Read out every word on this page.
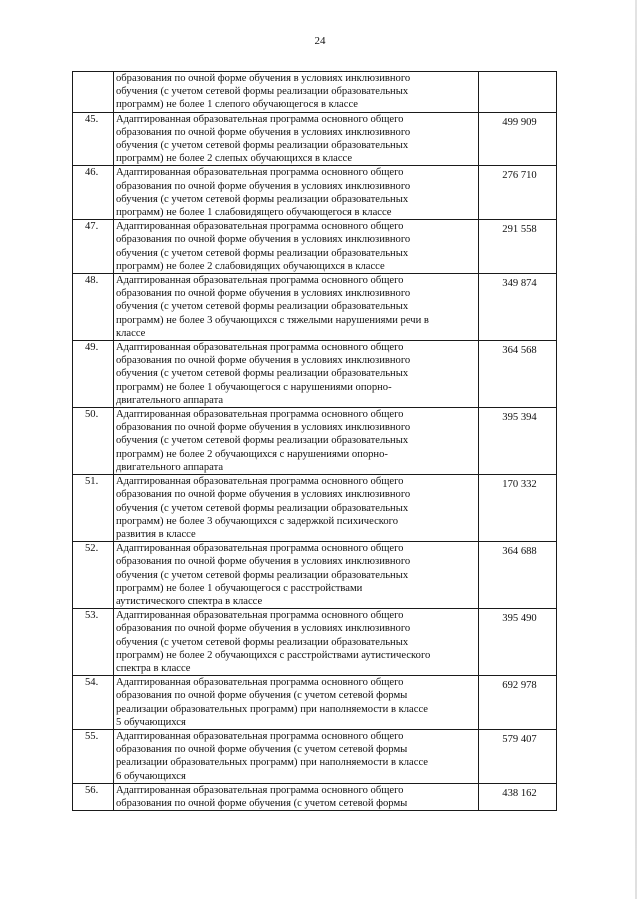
24

	образования по очной форме обучения в условиях инклюзивного
обучения (с учетом сетевой формы реализации образовательных
программ) не более 1 слепого обучающегося в классе	

45.	Адаптированная образовательная программа основного общего
образования по очной форме обучения в условиях инклюзивного
обучения (с учетом сетевой формы реализации образовательных
программ) не более 2 слепых обучающихся в классе	499 909
46.	Адаптированная образовательная программа основного общего
образования по очной форме обучения в условиях инклюзивного
обучения (с учетом сетевой формы реализации образовательных
программ) не более 1 слабовидящего обучающегося в классе	276 710
47.	Адаптированная образовательная программа основного общего
образования по очной форме обучения в условиях инклюзивного
обучения (с учетом сетевой формы реализации образовательных
программ) не более 2 слабовидящих обучающихся в классе	291 558
48.	Адаптированная образовательная программа основного общего
образования по очной форме обучения в условиях инклюзивного
обучения (с учетом сетевой формы реализации образовательных
программ) не более 3 обучающихся с тяжелыми нарушениями речи в
классе	349 874
49.	Адаптированная образовательная программа основного общего
образования по очной форме обучения в условиях инклюзивного
обучения (с учетом сетевой формы реализации образовательных
программ) не более 1 обучающегося с нарушениями опорно-
двигательного аппарата	364 568
50.	Адаптированная образовательная программа основного общего
образования по очной форме обучения в условиях инклюзивного
обучения (с учетом сетевой формы реализации образовательных
программ) не более 2 обучающихся с нарушениями опорно-
двигательного аппарата	395 394
51.	Адаптированная образовательная программа основного общего
образования по очной форме обучения в условиях инклюзивного
обучения (с учетом сетевой формы реализации образовательных
программ) не более 3 обучающихся с задержкой психического
развития в классе	170 332
52.	Адаптированная образовательная программа основного общего
образования по очной форме обучения в условиях инклюзивного
обучения (с учетом сетевой формы реализации образовательных
программ) не более 1 обучающегося с расстройствами
аутистического спектра в классе	364 688
53.	Адаптированная образовательная программа основного общего
образования по очной форме обучения в условиях инклюзивного
обучения (с учетом сетевой формы реализации образовательных
программ) не более 2 обучающихся с расстройствами аутистического
спектра в классе	395 490
54.	Адаптированная образовательная программа основного общего
образования по очной форме обучения (с учетом сетевой формы
реализации образовательных программ) при наполняемости в классе
5 обучающихся	692 978
55.	Адаптированная образовательная программа основного общего
образования по очной форме обучения (с учетом сетевой формы
реализации образовательных программ) при наполняемости в классе
6 обучающихся	579 407
56.	Адаптированная образовательная программа основного общего
образования по очной форме обучения (с учетом сетевой формы	438 162
